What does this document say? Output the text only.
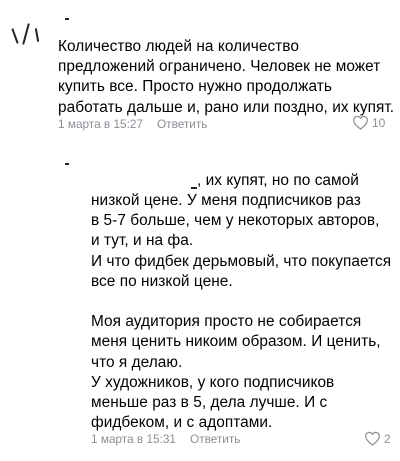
Количество людей на количество
предложений ограничено. Человек не может
купить все. Просто нужно продолжать
работать дальше и, рано или поздно, их купят.
1 марта в 15:27 Ответить	10
, их купят, но по самой
низкой цене. У меня подписчиков раз
в 5-7 больше, чем у некоторых авторов,
и тут, и на фа.
И что фидбек дерьмовый, что покупается
все по низкой цене.

Моя аудитория просто не собирается
меня ценить никоим образом. И ценить,
что я делаю.
У художников, у кого подписчиков
меньше раз в 5, дела лучше. И с
фидбеком, и с адоптами.
1 марта в 15:31 Ответить	2
